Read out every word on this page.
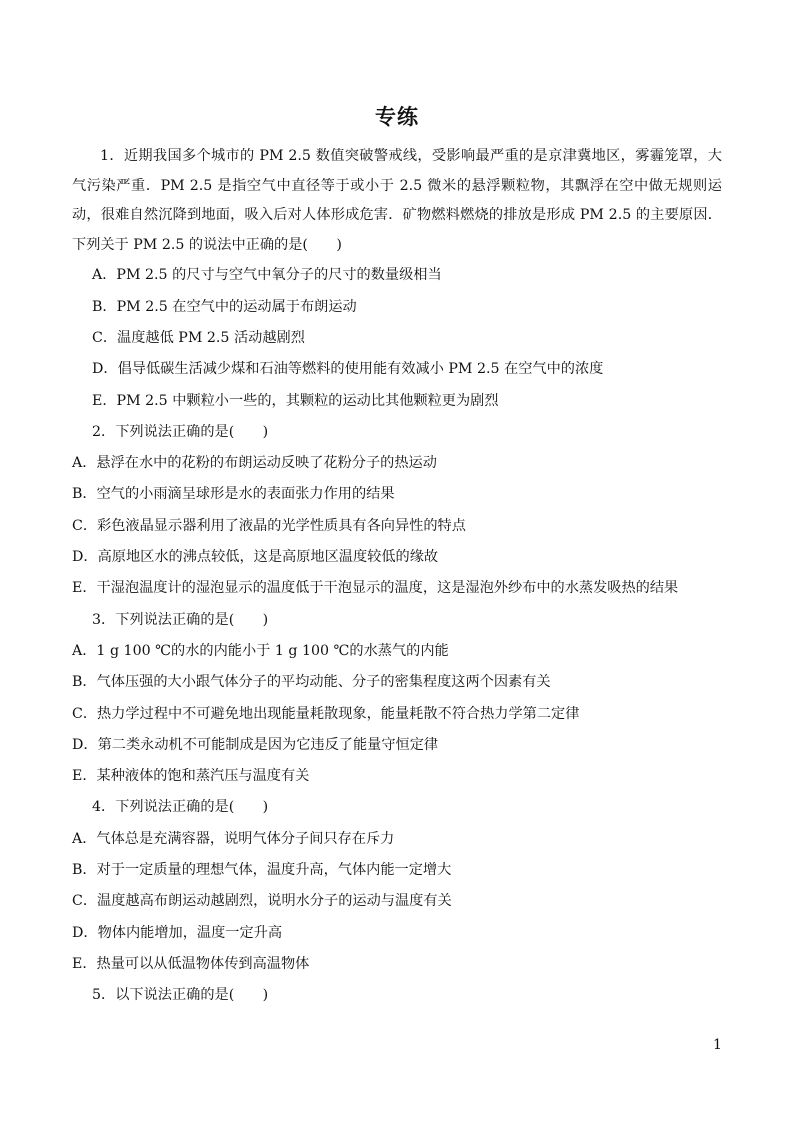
专练

1．近期我国多个城市的 PM 2.5 数值突破警戒线，受影响最严重的是京津冀地区，雾霾笼罩，大气污染严重．PM 2.5 是指空气中直径等于或小于 2.5 微米的悬浮颗粒物，其飘浮在空中做无规则运动，很难自然沉降到地面，吸入后对人体形成危害．矿物燃料燃烧的排放是形成 PM 2.5 的主要原因．下列关于 PM 2.5 的说法中正确的是(　　)

A．PM 2.5 的尺寸与空气中氧分子的尺寸的数量级相当

B．PM 2.5 在空气中的运动属于布朗运动

C．温度越低 PM 2.5 活动越剧烈

D．倡导低碳生活减少煤和石油等燃料的使用能有效减小 PM 2.5 在空气中的浓度

E．PM 2.5 中颗粒小一些的，其颗粒的运动比其他颗粒更为剧烈

2．下列说法正确的是(　　)

A．悬浮在水中的花粉的布朗运动反映了花粉分子的热运动

B．空气的小雨滴呈球形是水的表面张力作用的结果

C．彩色液晶显示器利用了液晶的光学性质具有各向异性的特点

D．高原地区水的沸点较低，这是高原地区温度较低的缘故

E．干湿泡温度计的湿泡显示的温度低于干泡显示的温度，这是湿泡外纱布中的水蒸发吸热的结果

3．下列说法正确的是(　　)

A．1 g 100 ℃的水的内能小于 1 g 100 ℃的水蒸气的内能

B．气体压强的大小跟气体分子的平均动能、分子的密集程度这两个因素有关

C．热力学过程中不可避免地出现能量耗散现象，能量耗散不符合热力学第二定律

D．第二类永动机不可能制成是因为它违反了能量守恒定律

E．某种液体的饱和蒸汽压与温度有关

4．下列说法正确的是(　　)

A．气体总是充满容器，说明气体分子间只存在斥力

B．对于一定质量的理想气体，温度升高，气体内能一定增大

C．温度越高布朗运动越剧烈，说明水分子的运动与温度有关

D．物体内能增加，温度一定升高

E．热量可以从低温物体传到高温物体

5．以下说法正确的是(　　)

1
